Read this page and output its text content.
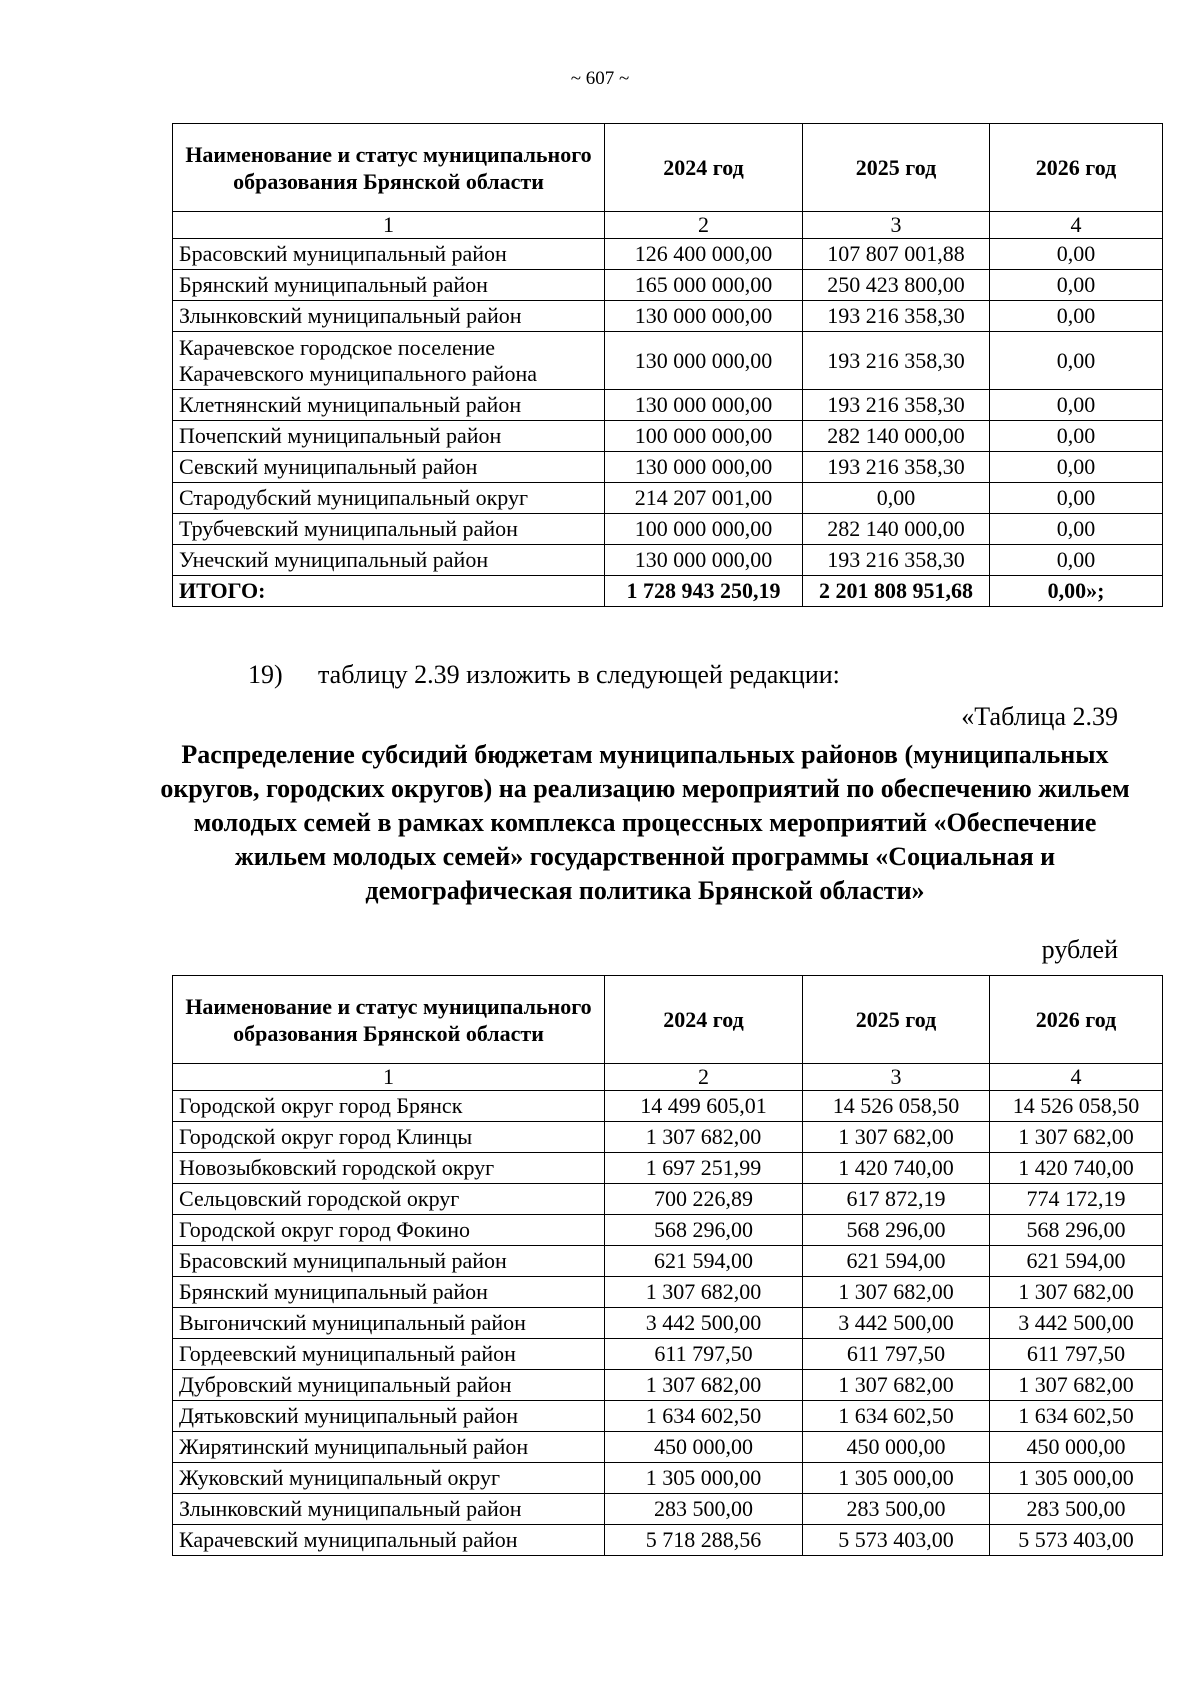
~ 607 ~
Наименование и статус муниципального образования Брянской области	2024 год	2025 год	2026 год
1	2	3	4
Брасовский муниципальный район	126 400 000,00	107 807 001,88	0,00
Брянский муниципальный район	165 000 000,00	250 423 800,00	0,00
Злынковский муниципальный район	130 000 000,00	193 216 358,30	0,00
Карачевское городское поселение Карачевского муниципального района	130 000 000,00	193 216 358,30	0,00
Клетнянский муниципальный район	130 000 000,00	193 216 358,30	0,00
Почепский муниципальный район	100 000 000,00	282 140 000,00	0,00
Севский муниципальный район	130 000 000,00	193 216 358,30	0,00
Стародубский муниципальный округ	214 207 001,00	0,00	0,00
Трубчевский муниципальный район	100 000 000,00	282 140 000,00	0,00
Унечский муниципальный район	130 000 000,00	193 216 358,30	0,00
ИТОГО:	1 728 943 250,19	2 201 808 951,68	0,00»;
19) таблицу 2.39 изложить в следующей редакции:
«Таблица 2.39
Распределение субсидий бюджетам муниципальных районов (муниципальных округов, городских округов) на реализацию мероприятий по обеспечению жильем молодых семей в рамках комплекса процессных мероприятий «Обеспечение жильем молодых семей» государственной программы «Социальная и демографическая политика Брянской области»
рублей
Наименование и статус муниципального образования Брянской области	2024 год	2025 год	2026 год
1	2	3	4
Городской округ город Брянск	14 499 605,01	14 526 058,50	14 526 058,50
Городской округ город Клинцы	1 307 682,00	1 307 682,00	1 307 682,00
Новозыбковский городской округ	1 697 251,99	1 420 740,00	1 420 740,00
Сельцовский городской округ	700 226,89	617 872,19	774 172,19
Городской округ город Фокино	568 296,00	568 296,00	568 296,00
Брасовский муниципальный район	621 594,00	621 594,00	621 594,00
Брянский муниципальный район	1 307 682,00	1 307 682,00	1 307 682,00
Выгоничский муниципальный район	3 442 500,00	3 442 500,00	3 442 500,00
Гордеевский муниципальный район	611 797,50	611 797,50	611 797,50
Дубровский муниципальный район	1 307 682,00	1 307 682,00	1 307 682,00
Дятьковский муниципальный район	1 634 602,50	1 634 602,50	1 634 602,50
Жирятинский муниципальный район	450 000,00	450 000,00	450 000,00
Жуковский муниципальный округ	1 305 000,00	1 305 000,00	1 305 000,00
Злынковский муниципальный район	283 500,00	283 500,00	283 500,00
Карачевский муниципальный район	5 718 288,56	5 573 403,00	5 573 403,00
